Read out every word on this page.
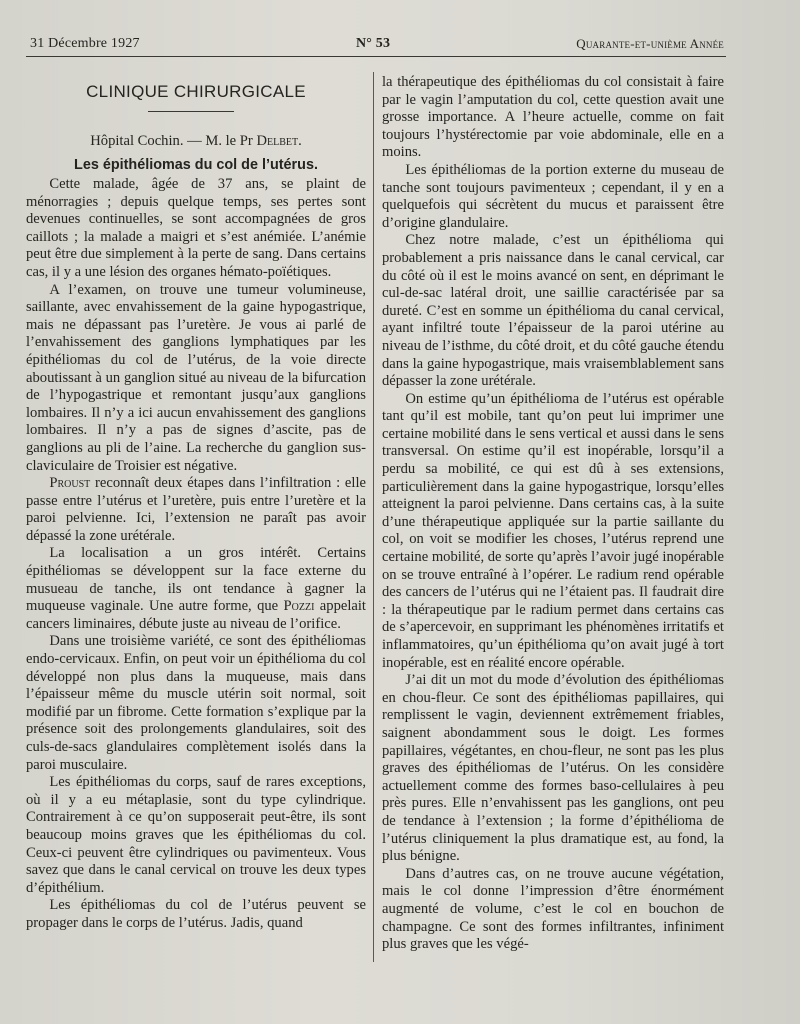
31 Décembre 1927	N° 53	Quarante-et-unième Année
CLINIQUE CHIRURGICALE
Hôpital Cochin. — M. le Pr Delbet.
Les épithéliomas du col de l’utérus.

Cette malade, âgée de 37 ans, se plaint de ménorragies ; depuis quelque temps, ses pertes sont devenues continuelles, se sont accompagnées de gros caillots ; la malade a maigri et s’est anémiée. L’anémie peut être due simplement à la perte de sang. Dans certains cas, il y a une lésion des organes hémato-poïétiques.

A l’examen, on trouve une tumeur volumineuse, saillante, avec envahissement de la gaine hypogastrique, mais ne dépassant pas l’uretère. Je vous ai parlé de l’envahissement des ganglions lymphatiques par les épithéliomas du col de l’utérus, de la voie directe aboutissant à un ganglion situé au niveau de la bifurcation de l’hypogastrique et remontant jusqu’aux ganglions lombaires. Il n’y a ici aucun envahissement des ganglions lombaires. Il n’y a pas de signes d’ascite, pas de ganglions au pli de l’aine. La recherche du ganglion sus-claviculaire de Troisier est négative.

Proust reconnaît deux étapes dans l’infiltration : elle passe entre l’utérus et l’uretère, puis entre l’uretère et la paroi pelvienne. Ici, l’extension ne paraît pas avoir dépassé la zone urétérale.

La localisation a un gros intérêt. Certains épithéliomas se développent sur la face externe du musueau de tanche, ils ont tendance à gagner la muqueuse vaginale. Une autre forme, que Pozzi appelait cancers liminaires, débute juste au niveau de l’orifice.

Dans une troisième variété, ce sont des épithéliomas endo-cervicaux. Enfin, on peut voir un épithélioma du col développé non plus dans la muqueuse, mais dans l’épaisseur même du muscle utérin soit normal, soit modifié par un fibrome. Cette formation s’explique par la présence soit des prolongements glandulaires, soit des culs-de-sacs glandulaires complètement isolés dans la paroi musculaire.

Les épithéliomas du corps, sauf de rares exceptions, où il y a eu métaplasie, sont du type cylindrique. Contrairement à ce qu’on supposerait peut-être, ils sont beaucoup moins graves que les épithéliomas du col. Ceux-ci peuvent être cylindriques ou pavimenteux. Vous savez que dans le canal cervical on trouve les deux types d’épithélium.

Les épithéliomas du col de l’utérus peuvent se propager dans le corps de l’utérus. Jadis, quand

la thérapeutique des épithéliomas du col consistait à faire par le vagin l’amputation du col, cette question avait une grosse importance. A l’heure actuelle, comme on fait toujours l’hystérectomie par voie abdominale, elle en a moins.

Les épithéliomas de la portion externe du museau de tanche sont toujours pavimenteux ; cependant, il y en a quelquefois qui sécrètent du mucus et paraissent être d’origine glandulaire.

Chez notre malade, c’est un épithélioma qui probablement a pris naissance dans le canal cervical, car du côté où il est le moins avancé on sent, en déprimant le cul-de-sac latéral droit, une saillie caractérisée par sa dureté. C’est en somme un épithélioma du canal cervical, ayant infiltré toute l’épaisseur de la paroi utérine au niveau de l’isthme, du côté droit, et du côté gauche étendu dans la gaine hypogastrique, mais vraisemblablement sans dépasser la zone urétérale.

On estime qu’un épithélioma de l’utérus est opérable tant qu’il est mobile, tant qu’on peut lui imprimer une certaine mobilité dans le sens vertical et aussi dans le sens transversal. On estime qu’il est inopérable, lorsqu’il a perdu sa mobilité, ce qui est dû à ses extensions, particulièrement dans la gaine hypogastrique, lorsqu’elles atteignent la paroi pelvienne. Dans certains cas, à la suite d’une thérapeutique appliquée sur la partie saillante du col, on voit se modifier les choses, l’utérus reprend une certaine mobilité, de sorte qu’après l’avoir jugé inopérable on se trouve entraîné à l’opérer. Le radium rend opérable des cancers de l’utérus qui ne l’étaient pas. Il faudrait dire : la thérapeutique par le radium permet dans certains cas de s’apercevoir, en supprimant les phénomènes irritatifs et inflammatoires, qu’un épithélioma qu’on avait jugé à tort inopérable, est en réalité encore opérable.

J’ai dit un mot du mode d’évolution des épithéliomas en chou-fleur. Ce sont des épithéliomas papillaires, qui remplissent le vagin, deviennent extrêmement friables, saignent abondamment sous le doigt. Les formes papillaires, végétantes, en chou-fleur, ne sont pas les plus graves des épithéliomas de l’utérus. On les considère actuellement comme des formes baso-cellulaires à peu près pures. Elle n’envahissent pas les ganglions, ont peu de tendance à l’extension ; la forme d’épithélioma de l’utérus cliniquement la plus dramatique est, au fond, la plus bénigne.

Dans d’autres cas, on ne trouve aucune végétation, mais le col donne l’impression d’être énormément augmenté de volume, c’est le col en bouchon de champagne. Ce sont des formes infiltrantes, infiniment plus graves que les végé-
